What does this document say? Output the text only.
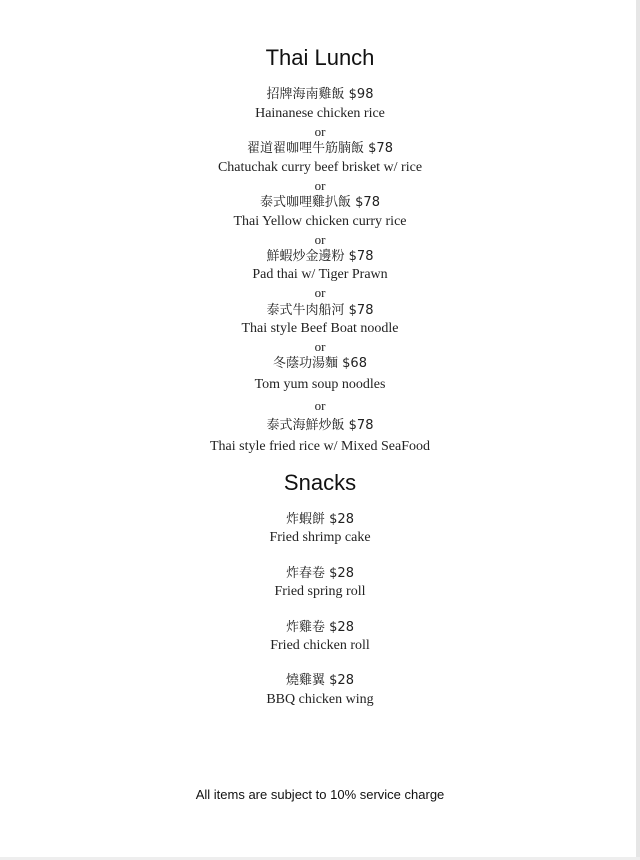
Thai Lunch
招牌海南雞飯 $98
Hainanese chicken rice
or
翟道翟咖哩牛筋腩飯 $78
Chatuchak curry beef brisket w/ rice
or
泰式咖哩雞扒飯 $78
Thai Yellow chicken curry rice
or
鮮蝦炒金邊粉 $78
Pad thai w/ Tiger Prawn
or
泰式牛肉船河 $78
Thai style Beef Boat noodle
or
冬蔭功湯麵 $68
Tom yum soup noodles
or
泰式海鮮炒飯 $78
Thai style fried rice w/ Mixed SeaFood
Snacks
炸蝦餅 $28
Fried shrimp cake
炸春卷 $28
Fried spring roll
炸雞卷 $28
Fried chicken roll
燒雞翼 $28
BBQ chicken wing
All items are subject to 10% service charge
